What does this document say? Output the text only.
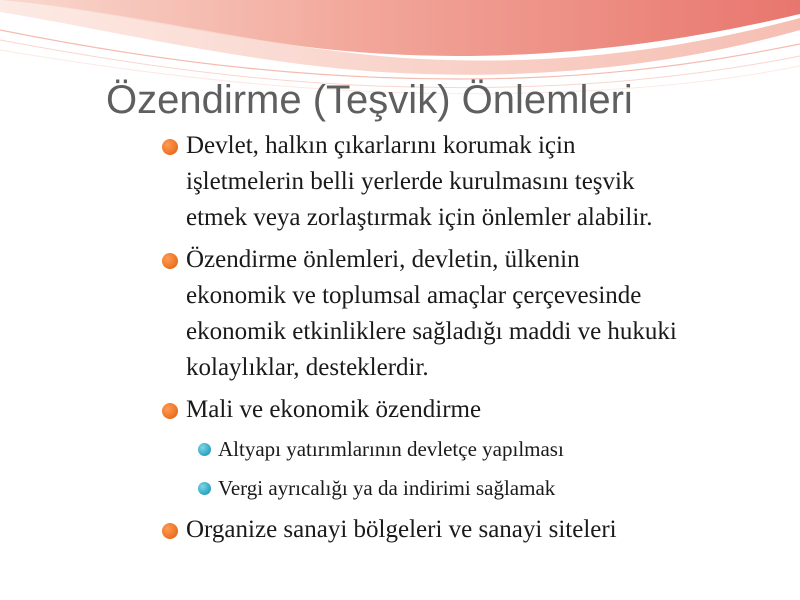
Özendirme (Teşvik) Önlemleri
Devlet, halkın çıkarlarını korumak için
işletmelerin belli yerlerde kurulmasını teşvik
etmek veya zorlaştırmak için önlemler alabilir.
Özendirme önlemleri, devletin, ülkenin
ekonomik ve toplumsal amaçlar çerçevesinde
ekonomik etkinliklere sağladığı maddi ve hukuki
kolaylıklar, desteklerdir.
Mali ve ekonomik özendirme
Altyapı yatırımlarının devletçe yapılması
Vergi ayrıcalığı ya da indirimi sağlamak
Organize sanayi bölgeleri ve sanayi siteleri
